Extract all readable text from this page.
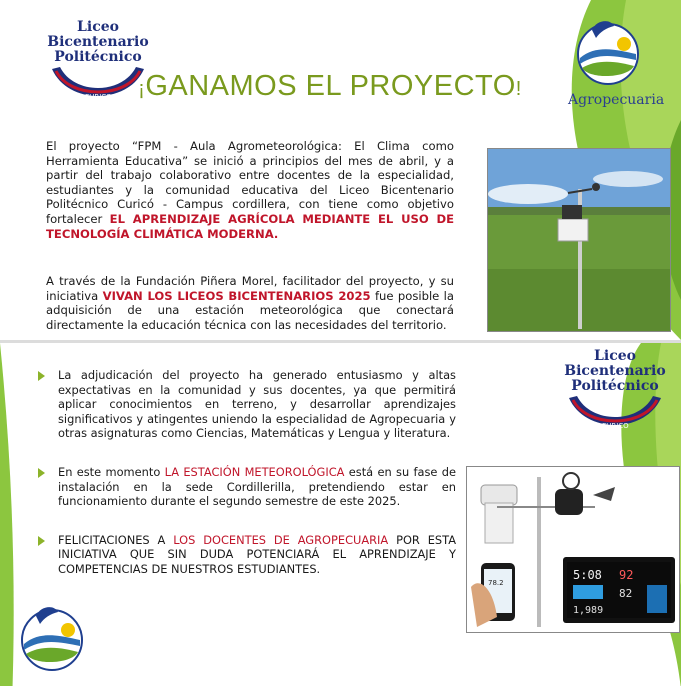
Liceo Bicentenario
Politécnico
CURICO	¡GANAMOS EL PROYECTO!	Agropecuaria
El proyecto “FPM - Aula Agrometeorológica: El Clima como Herramienta Educativa” se inició a principios del mes de abril, y a partir del trabajo colaborativo entre docentes de la especialidad, estudiantes y la comunidad educativa del Liceo Bicentenario Politécnico Curicó - Campus cordillera, con tiene como objetivo fortalecer EL APRENDIZAJE AGRÍCOLA MEDIANTE EL USO DE TECNOLOGÍA CLIMÁTICA MODERNA.
A través de la Fundación Piñera Morel, facilitador del proyecto, y su iniciativa VIVAN LOS LICEOS BICENTENARIOS 2025 fue posible la adquisición de una estación meteorológica que conectará directamente la educación técnica con las necesidades del territorio.
Liceo Bicentenario
Politécnico
CURICO
La adjudicación del proyecto ha generado entusiasmo y altas expectativas en la comunidad y sus docentes, ya que permitirá aplicar conocimientos en terreno, y desarrollar aprendizajes significativos y atingentes uniendo la especialidad de Agropecuaria y otras asignaturas como Ciencias, Matemáticas y Lengua y literatura.
En este momento LA ESTACIÓN METEOROLÓGICA está en su fase de instalación en la sede Cordillerilla, pretendiendo estar en funcionamiento durante el segundo semestre de este 2025.
FELICITACIONES A LOS DOCENTES DE AGROPECUARIA POR ESTA INICIATIVA QUE SIN DUDA POTENCIARÁ EL APRENDIZAJE Y COMPETENCIAS DE NUESTROS ESTUDIANTES.	5:08 92
82
1,989
78.2
